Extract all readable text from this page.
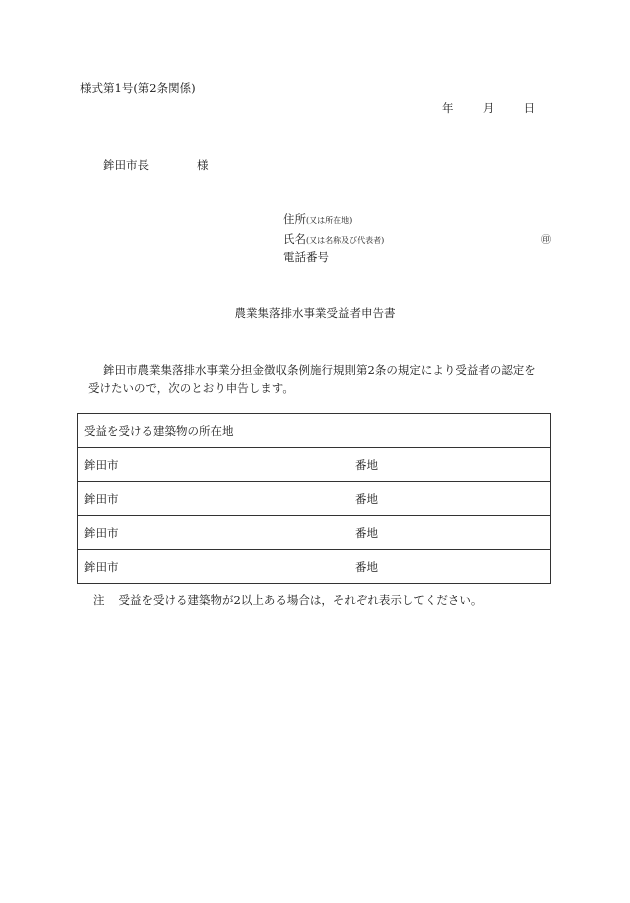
様式第1号(第2条関係)
年	月	日
鉾田市長	様
住所(又は所在地)
氏名(又は名称及び代表者)	㊞
電話番号
農業集落排水事業受益者申告書
鉾田市農業集落排水事業分担金徴収条例施行規則第2条の規定により受益者の認定を
受けたいので，次のとおり申告します。
受益を受ける建築物の所在地	
鉾田市	番地
鉾田市	番地
鉾田市	番地
鉾田市	番地
注 受益を受ける建築物が2以上ある場合は，それぞれ表示してください。
